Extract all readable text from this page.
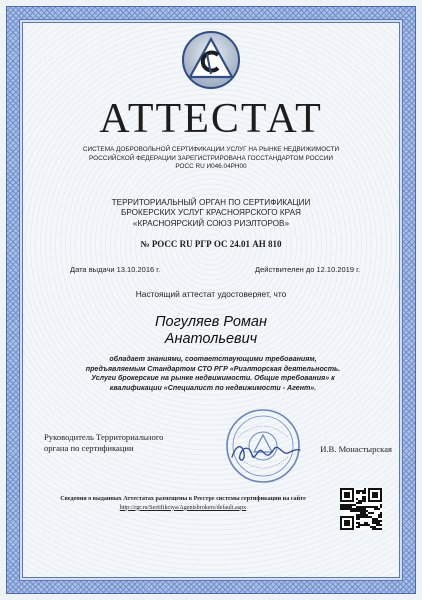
АТТЕСТАТ
СИСТЕМА ДОБРОВОЛЬНОЙ СЕРТИФИКАЦИИ УСЛУГ НА РЫНКЕ НЕДВИЖИМОСТИ
РОССИЙСКОЙ ФЕДЕРАЦИИ ЗАРЕГИСТРИРОВАНА ГОССТАНДАРТОМ РОССИИ
РОСС RU И046.04РН00
ТЕРРИТОРИАЛЬНЫЙ ОРГАН ПО СЕРТИФИКАЦИИ
БРОКЕРСКИХ УСЛУГ КРАСНОЯРСКОГО КРАЯ
«КРАСНОЯРСКИЙ СОЮЗ РИЭЛТОРОВ»
№ РОСС RU РГР ОС 24.01 АН 810
Дата выдачи 13.10.2016 г.	Действителен до 12.10.2019 г.
Настоящий аттестат удостоверяет, что
Погуляев Роман
Анатольевич
обладает знаниями, соответствующими требованиям,
предъявляемым Стандартом СТО РГР «Риэлторская деятельность.
Услуги брокерские на рынке недвижимости. Общие требования» к
квалификации «Специалист по недвижимости - Агент».
Руководитель Территориального
органа по сертификации	И.В. Монастырская
Сведения о выданных Аттестатах размещены в Реестре системы сертификации на сайте
http://rgr.ru/Sertifikciya/Agentsbrokers/default.aspx
